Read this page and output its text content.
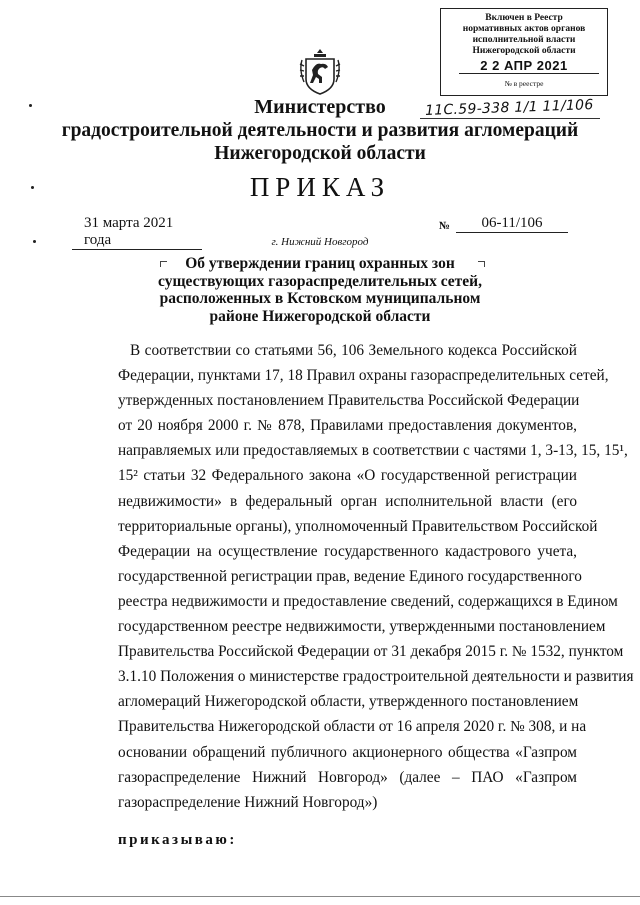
Включен в Реестр
нормативных актов органов
исполнительной власти
Нижегородской области
2 2 АПР 2021
№ в реестре
11С.59-338 1/1 11/106
Министерство
градостроительной деятельности и развития агломераций
Нижегородской области
ПРИКАЗ
31 марта 2021 года
№	06-11/106
г. Нижний Новгород
Об утверждении границ охранных зон
существующих газораспределительных сетей,
расположенных в Кстовском муниципальном
районе Нижегородской области
В соответствии со статьями 56, 106 Земельного кодекса Российской
Федерации, пунктами 17, 18 Правил охраны газораспределительных сетей,
утвержденных постановлением Правительства Российской Федерации
от 20 ноября 2000 г. № 878, Правилами предоставления документов,
направляемых или предоставляемых в соответствии с частями 1, 3-13, 15, 15¹,
15² статьи 32 Федерального закона «О государственной регистрации
недвижимости» в федеральный орган исполнительной власти (его
территориальные органы), уполномоченный Правительством Российской
Федерации на осуществление государственного кадастрового учета,
государственной регистрации прав, ведение Единого государственного
реестра недвижимости и предоставление сведений, содержащихся в Едином
государственном реестре недвижимости, утвержденными постановлением
Правительства Российской Федерации от 31 декабря 2015 г. № 1532, пунктом
3.1.10 Положения о министерстве градостроительной деятельности и развития
агломераций Нижегородской области, утвержденного постановлением
Правительства Нижегородской области от 16 апреля 2020 г. № 308, и на
основании обращений публичного акционерного общества «Газпром
газораспределение Нижний Новгород» (далее – ПАО «Газпром
газораспределение Нижний Новгород»)
приказываю:
